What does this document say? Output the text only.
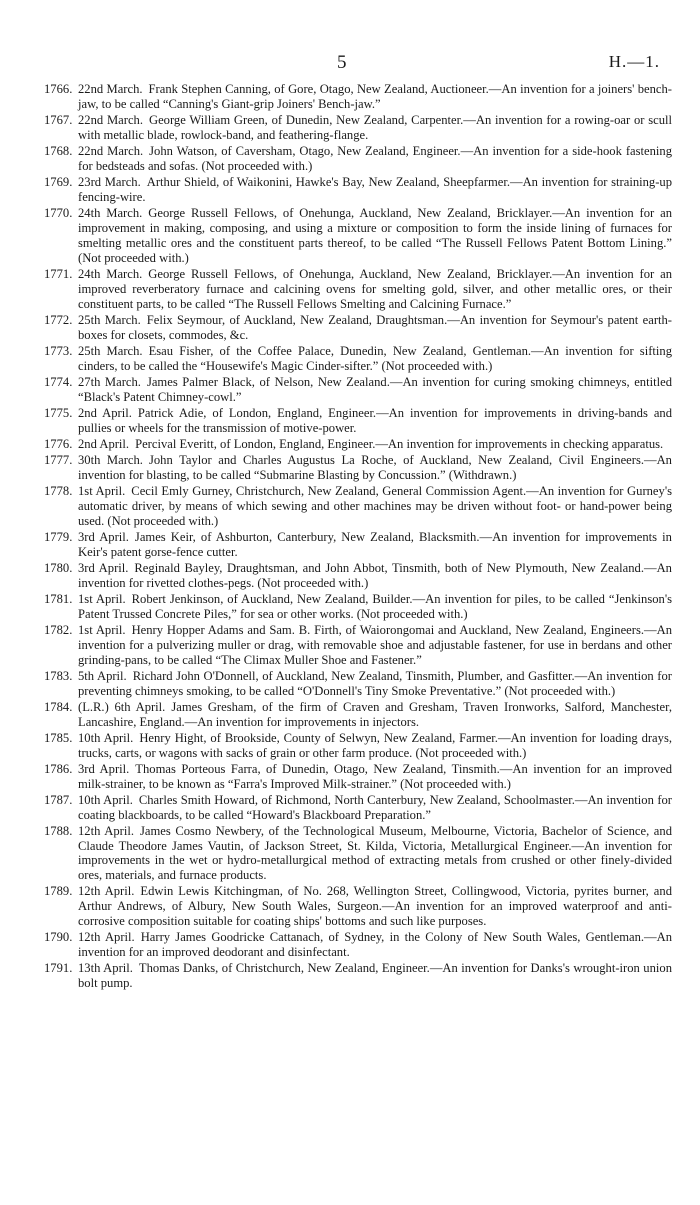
5	H.—1.
1766. 22nd March. Frank Stephen Canning, of Gore, Otago, New Zealand, Auctioneer.—An invention for a joiners' bench-jaw, to be called “Canning's Giant-grip Joiners' Bench-jaw.”
1767. 22nd March. George William Green, of Dunedin, New Zealand, Carpenter.—An invention for a rowing-oar or scull with metallic blade, rowlock-band, and feathering-flange.
1768. 22nd March. John Watson, of Caversham, Otago, New Zealand, Engineer.—An invention for a side-hook fastening for bedsteads and sofas. (Not proceeded with.)
1769. 23rd March. Arthur Shield, of Waikonini, Hawke's Bay, New Zealand, Sheepfarmer.—An invention for straining-up fencing-wire.
1770. 24th March. George Russell Fellows, of Onehunga, Auckland, New Zealand, Bricklayer.—An invention for an improvement in making, composing, and using a mixture or composition to form the inside lining of furnaces for smelting metallic ores and the constituent parts thereof, to be called “The Russell Fellows Patent Bottom Lining.” (Not proceeded with.)
1771. 24th March. George Russell Fellows, of Onehunga, Auckland, New Zealand, Bricklayer.—An invention for an improved reverberatory furnace and calcining ovens for smelting gold, silver, and other metallic ores, or their constituent parts, to be called “The Russell Fellows Smelting and Calcining Furnace.”
1772. 25th March. Felix Seymour, of Auckland, New Zealand, Draughtsman.—An invention for Seymour's patent earth-boxes for closets, commodes, &c.
1773. 25th March. Esau Fisher, of the Coffee Palace, Dunedin, New Zealand, Gentleman.—An invention for sifting cinders, to be called the “Housewife's Magic Cinder-sifter.” (Not proceeded with.)
1774. 27th March. James Palmer Black, of Nelson, New Zealand.—An invention for curing smoking chimneys, entitled “Black's Patent Chimney-cowl.”
1775. 2nd April. Patrick Adie, of London, England, Engineer.—An invention for improvements in driving-bands and pullies or wheels for the transmission of motive-power.
1776. 2nd April. Percival Everitt, of London, England, Engineer.—An invention for improvements in checking apparatus.
1777. 30th March. John Taylor and Charles Augustus La Roche, of Auckland, New Zealand, Civil Engineers.—An invention for blasting, to be called “Submarine Blasting by Concussion.” (Withdrawn.)
1778. 1st April. Cecil Emly Gurney, Christchurch, New Zealand, General Commission Agent.—An invention for Gurney's automatic driver, by means of which sewing and other machines may be driven without foot- or hand-power being used. (Not proceeded with.)
1779. 3rd April. James Keir, of Ashburton, Canterbury, New Zealand, Blacksmith.—An invention for improvements in Keir's patent gorse-fence cutter.
1780. 3rd April. Reginald Bayley, Draughtsman, and John Abbot, Tinsmith, both of New Plymouth, New Zealand.—An invention for rivetted clothes-pegs. (Not proceeded with.)
1781. 1st April. Robert Jenkinson, of Auckland, New Zealand, Builder.—An invention for piles, to be called “Jenkinson's Patent Trussed Concrete Piles,” for sea or other works. (Not proceeded with.)
1782. 1st April. Henry Hopper Adams and Sam. B. Firth, of Waiorongomai and Auckland, New Zealand, Engineers.—An invention for a pulverizing muller or drag, with removable shoe and adjustable fastener, for use in berdans and other grinding-pans, to be called “The Climax Muller Shoe and Fastener.”
1783. 5th April. Richard John O'Donnell, of Auckland, New Zealand, Tinsmith, Plumber, and Gasfitter.—An invention for preventing chimneys smoking, to be called “O'Donnell's Tiny Smoke Preventative.” (Not proceeded with.)
1784. (L.R.) 6th April. James Gresham, of the firm of Craven and Gresham, Traven Ironworks, Salford, Manchester, Lancashire, England.—An invention for improvements in injectors.
1785. 10th April. Henry Hight, of Brookside, County of Selwyn, New Zealand, Farmer.—An invention for loading drays, trucks, carts, or wagons with sacks of grain or other farm produce. (Not proceeded with.)
1786. 3rd April. Thomas Porteous Farra, of Dunedin, Otago, New Zealand, Tinsmith.—An invention for an improved milk-strainer, to be known as “Farra's Improved Milk-strainer.” (Not proceeded with.)
1787. 10th April. Charles Smith Howard, of Richmond, North Canterbury, New Zealand, Schoolmaster.—An invention for coating blackboards, to be called “Howard's Blackboard Preparation.”
1788. 12th April. James Cosmo Newbery, of the Technological Museum, Melbourne, Victoria, Bachelor of Science, and Claude Theodore James Vautin, of Jackson Street, St. Kilda, Victoria, Metallurgical Engineer.—An invention for improvements in the wet or hydro-metallurgical method of extracting metals from crushed or other finely-divided ores, materials, and furnace products.
1789. 12th April. Edwin Lewis Kitchingman, of No. 268, Wellington Street, Collingwood, Victoria, pyrites burner, and Arthur Andrews, of Albury, New South Wales, Surgeon.—An invention for an improved waterproof and anti-corrosive composition suitable for coating ships' bottoms and such like purposes.
1790. 12th April. Harry James Goodricke Cattanach, of Sydney, in the Colony of New South Wales, Gentleman.—An invention for an improved deodorant and disinfectant.
1791. 13th April. Thomas Danks, of Christchurch, New Zealand, Engineer.—An invention for Danks's wrought-iron union bolt pump.
